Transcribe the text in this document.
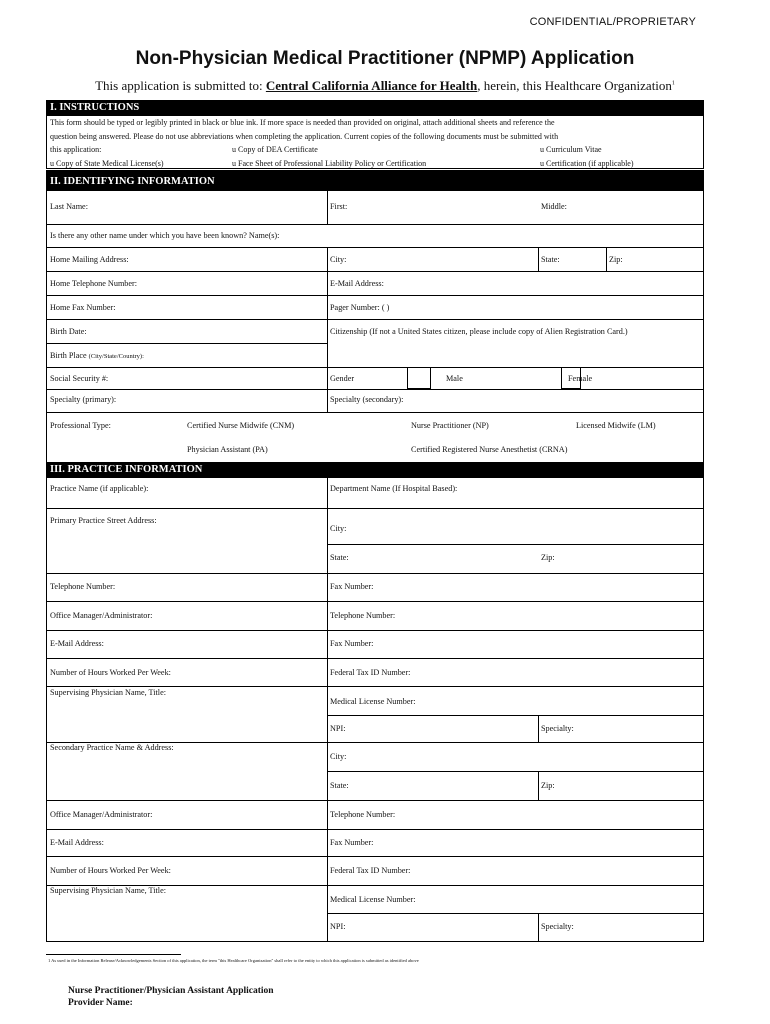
CONFIDENTIAL/PROPRIETARY
Non-Physician Medical Practitioner (NPMP) Application
This application is submitted to: Central California Alliance for Health, herein, this Healthcare Organization$^1$
I. INSTRUCTIONS
This form should be typed or legibly printed in black or blue ink. If more space is needed than provided on original, attach additional sheets and reference the
question being answered. Please do not use abbreviations when completing the application. Current copies of the following documents must be submitted with
this application:	u Copy of DEA Certificate	u Curriculum Vitae
u Copy of State Medical License(s)	u Face Sheet of Professional Liability Policy or Certification	u Certification (if applicable)
II. IDENTIFYING INFORMATION
Last Name:	First:	Middle:
Is there any other name under which you have been known? Name(s):
Home Mailing Address:	City:	State:	Zip:
Home Telephone Number:	E-Mail Address:
Home Fax Number:	Pager Number: ( )
Birth Date:	Citizenship (If not a United States citizen, please include copy of Alien Registration Card.)
Birth Place (City/State/Country):
Social Security #:	Gender	Male	Female
Specialty (primary):	Specialty (secondary):
Professional Type:	Certified Nurse Midwife (CNM)	Nurse Practitioner (NP)	Licensed Midwife (LM)
Physician Assistant (PA)	Certified Registered Nurse Anesthetist (CRNA)
III. PRACTICE INFORMATION
Practice Name (if applicable):	Department Name (If Hospital Based):
Primary Practice Street Address:
City:
State:	Zip:
Telephone Number:	Fax Number:
Office Manager/Administrator:	Telephone Number:
E-Mail Address:	Fax Number:
Number of Hours Worked Per Week:	Federal Tax ID Number:
Supervising Physician Name, Title:
Medical License Number:
NPI:	Specialty:
Secondary Practice Name & Address:
City:
State:	Zip:
Office Manager/Administrator:	Telephone Number:
E-Mail Address:	Fax Number:
Number of Hours Worked Per Week:	Federal Tax ID Number:
Supervising Physician Name, Title:
Medical License Number:
NPI:	Specialty:
1 As used in the Information Release/Acknowledgements Section of this application, the term "this Healthcare Organization" shall refer to the entity to which this application is submitted as identified above
Nurse Practitioner/Physician Assistant Application
Provider Name:
